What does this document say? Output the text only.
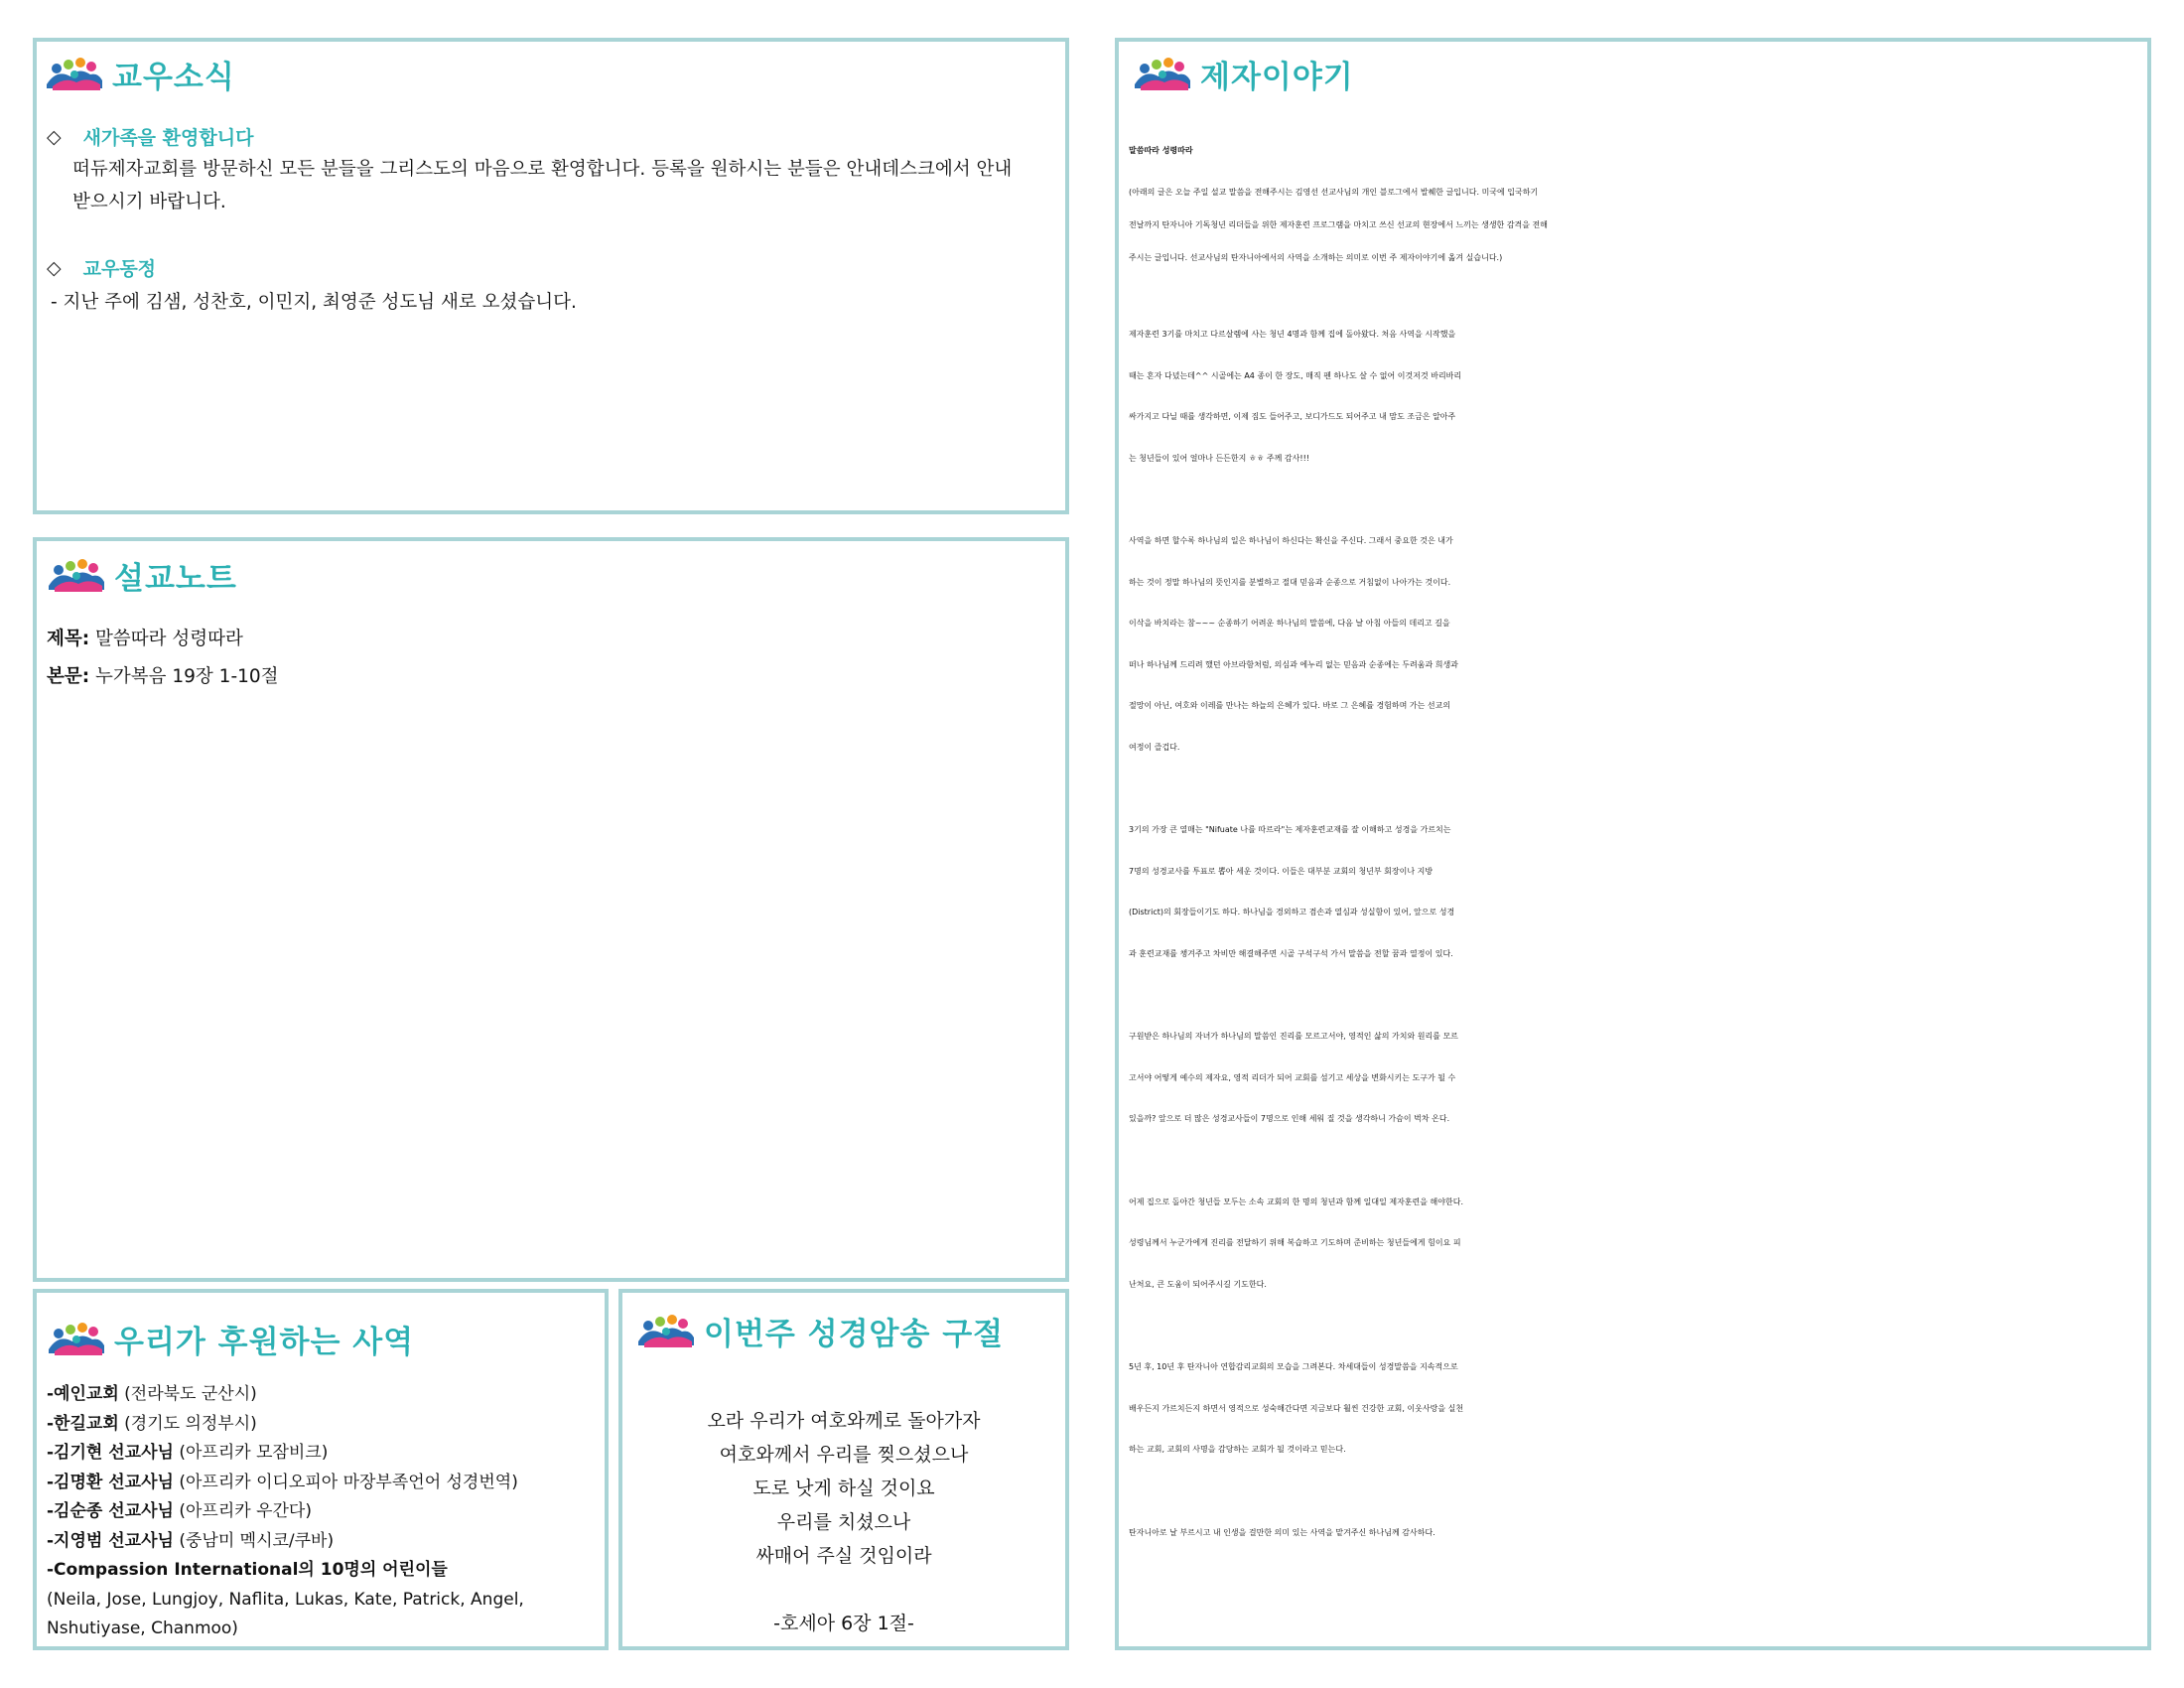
교우소식
◇ 새가족을 환영합니다
떠듀제자교회를 방문하신 모든 분들을 그리스도의 마음으로 환영합니다. 등록을 원하시는 분들은 안내데스크에서 안내
받으시기 바랍니다.
◇ 교우동정
- 지난 주에 김샘, 성찬호, 이민지, 최영준 성도님 새로 오셨습니다.
설교노트
제목: 말씀따라 성령따라
본문: 누가복음 19장 1-10절
우리가 후원하는 사역
-예인교회 (전라북도 군산시)
-한길교회 (경기도 의정부시)
-김기현 선교사님 (아프리카 모잠비크)
-김명환 선교사님 (아프리카 이디오피아 마장부족언어 성경번역)
-김순종 선교사님 (아프리카 우간다)
-지영범 선교사님 (중남미 멕시코/쿠바)
-Compassion International의 10명의 어린이들
(Neila, Jose, Lungjoy, Naflita, Lukas, Kate, Patrick, Angel,
Nshutiyase, Chanmoo)
이번주 성경암송 구절
오라 우리가 여호와께로 돌아가자
여호와께서 우리를 찢으셨으나
도로 낫게 하실 것이요
우리를 치셨으나
싸매어 주실 것임이라
-호세아 6장 1절-
제자이야기
말씀따라 성령따라

(아래의 글은 오늘 주일 설교 말씀을 전해주시는 김영선 선교사님의 개인 블로그에서 발췌한 글입니다. 미국에 입국하기
전날까지 탄자니아 기독청년 리더들을 위한 제자훈련 프로그램을 마치고 쓰신 선교의 현장에서 느끼는 생생한 감격을 전해
주시는 글입니다. 선교사님의 탄자니아에서의 사역을 소개하는 의미로 이번 주 제자이야기에 옮겨 실습니다.)

제자훈련 3기를 마치고 다르살렘에 사는 청년 4명과 함께 집에 돌아왔다. 처음 사역을 시작했을
때는 혼자 다녔는데^^ 시골에는 A4 종이 한 장도, 매직 펜 하나도 살 수 없어 이것저것 바리바리
싸가지고 다닐 때를 생각하면, 이제 짐도 들어주고, 보디가드도 되어주고 내 맘도 조금은 알아주
는 청년들이 있어 얼마나 든든한지 ㅎㅎ 주께 감사!!!

사역을 하면 할수록 하나님의 일은 하나님이 하신다는 확신을 주신다. 그래서 중요한 것은 내가
하는 것이 정말 하나님의 뜻인지를 분별하고 절대 믿음과 순종으로 거침없이 나아가는 것이다.
이삭을 바치라는 참~~~ 순종하기 어려운 하나님의 말씀에, 다음 날 아침 아들의 데리고 길을
떠나 하나님께 드리려 했던 아브라함처럼, 의심과 에누리 없는 믿음과 순종에는 두려움과 희생과
절망이 아닌, 여호와 이레를 만나는 하늘의 은혜가 있다. 바로 그 은혜를 경험하며 가는 선교의
여정이 즐겁다.

3기의 가장 큰 열매는 "Nifuate 나를 따르라"는 제자훈련교재를 잘 이해하고 성경을 가르치는
7명의 성경교사를 투표로 뽑아 세운 것이다. 이들은 대부분 교회의 청년부 회장이나 지방
(District)의 회장들이기도 하다. 하나님을 경외하고 겸손과 열심과 성실함이 있어, 앞으로 성경
과 훈련교재를 챙겨주고 차비만 해결해주면 시골 구석구석 가서 말씀을 전할 꿈과 열정이 있다.

구원받은 하나님의 자녀가 하나님의 말씀인 진리를 모르고서야, 영적인 삶의 가치와 원리를 모르
고서야 어떻게 예수의 제자요, 영적 리더가 되어 교회를 섬기고 세상을 변화시키는 도구가 될 수
있을까? 앞으로 더 많은 성경교사들이 7명으로 인해 세워 질 것을 생각하니 가슴이 벅차 온다.

어제 집으로 돌아간 청년들 모두는 소속 교회의 한 명의 청년과 함께 일대일 제자훈련을 해야한다.
성령님께서 누군가에게 진리를 전달하기 위해 복습하고 기도하며 준비하는 청년들에게 힘이요 피
난처요, 큰 도움이 되어주시길 기도한다.

5년 후, 10년 후 탄자니아 연합감리교회의 모습을 그려본다. 차세대들이 성경말씀을 지속적으로
배우든지 가르치든지 하면서 영적으로 성숙해간다면 지금보다 훨씬 건강한 교회, 이웃사랑을 실천
하는 교회, 교회의 사명을 감당하는 교회가 될 것이라고 믿는다.

탄자니아로 날 부르시고 내 인생을 걸만한 의미 있는 사역을 맡겨주신 하나님께 감사하다.
